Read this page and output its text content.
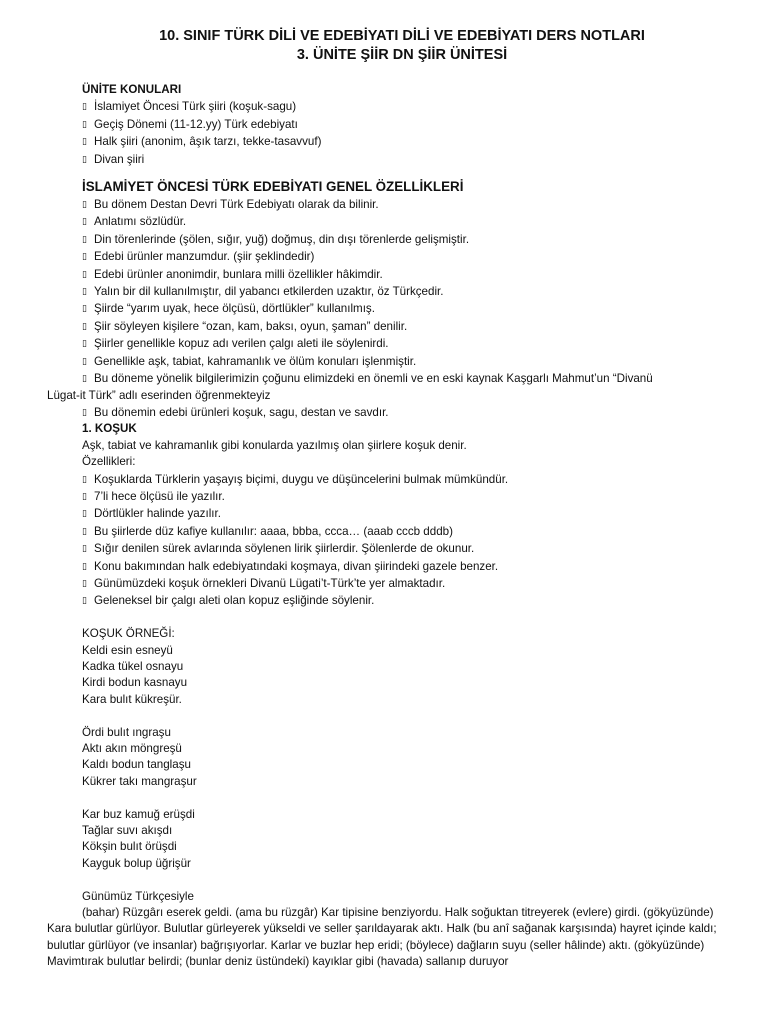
10. SINIF TÜRK DİLİ VE EDEBİYATI DİLİ VE EDEBİYATI DERS NOTLARI
3. ÜNİTE ŞİİR DN ŞİİR ÜNİTESİ
ÜNİTE KONULARI
▯ İslamiyet Öncesi Türk şiiri (koşuk-sagu)
▯ Geçiş Dönemi (11-12.yy) Türk edebiyatı
▯ Halk şiiri (anonim, âşık tarzı, tekke-tasavvuf)
▯ Divan şiiri
İSLAMİYET ÖNCESİ TÜRK EDEBİYATI GENEL ÖZELLİKLERİ
▯ Bu dönem Destan Devri Türk Edebiyatı olarak da bilinir.
▯ Anlatımı sözlüdür.
▯ Din törenlerinde (şölen, sığır, yuğ) doğmuş, din dışı törenlerde gelişmiştir.
▯ Edebi ürünler manzumdur. (şiir şeklindedir)
▯ Edebi ürünler anonimdir, bunlara milli özellikler hâkimdir.
▯ Yalın bir dil kullanılmıştır, dil yabancı etkilerden uzaktır, öz Türkçedir.
▯ Şiirde “yarım uyak, hece ölçüsü, dörtlükler” kullanılmış.
▯ Şiir söyleyen kişilere “ozan, kam, baksı, oyun, şaman” denilir.
▯ Şiirler genellikle kopuz adı verilen çalgı aleti ile söylenirdi.
▯ Genellikle aşk, tabiat, kahramanlık ve ölüm konuları işlenmiştir.
▯ Bu döneme yönelik bilgilerimizin çoğunu elimizdeki en önemli ve en eski kaynak Kaşgarlı Mahmut’un “Divanü
Lügat-it Türk” adlı eserinden öğrenmekteyiz
▯ Bu dönemin edebi ürünleri koşuk, sagu, destan ve savdır.
1. KOŞUK
Aşk, tabiat ve kahramanlık gibi konularda yazılmış olan şiirlere koşuk denir.
Özellikleri:
▯ Koşuklarda Türklerin yaşayış biçimi, duygu ve düşüncelerini bulmak mümkündür.
▯ 7’li hece ölçüsü ile yazılır.
▯ Dörtlükler halinde yazılır.
▯ Bu şiirlerde düz kafiye kullanılır: aaaa, bbba, ccca… (aaab cccb dddb)
▯ Sığır denilen sürek avlarında söylenen lirik şiirlerdir. Şölenlerde de okunur.
▯ Konu bakımından halk edebiyatındaki koşmaya, divan şiirindeki gazele benzer.
▯ Günümüzdeki koşuk örnekleri Divanü Lügati’t-Türk’te yer almaktadır.
▯ Geleneksel bir çalgı aleti olan kopuz eşliğinde söylenir.
KOŞUK ÖRNEĞİ:
Keldi esin esneyü
Kadka tükel osnayu
Kirdi bodun kasnayu
Kara bulıt kükreşür.
Ördi bulıt ıngraşu
Aktı akın möngreşü
Kaldı bodun tanglaşu
Kükrer takı mangraşur
Kar buz kamuğ erüşdi
Tağlar suvı akışdı
Kökşin bulıt örüşdi
Kayguk bolup üğrişür
Günümüz Türkçesiyle
(bahar) Rüzgârı eserek geldi. (ama bu rüzgâr) Kar tipisine benziyordu. Halk soğuktan titreyerek (evlere) girdi. (gökyüzünde) Kara bulutlar gürlüyor. Bulutlar gürleyerek yükseldi ve seller şarıldayarak aktı. Halk (bu anî sağanak karşısında) hayret içinde kaldı; bulutlar gürlüyor (ve insanlar) bağrışıyorlar. Karlar ve buzlar hep eridi; (böylece) dağların suyu (seller hâlinde) aktı. (gökyüzünde) Mavimtırak bulutlar belirdi; (bunlar deniz üstündeki) kayıklar gibi (havada) sallanıp duruyor
